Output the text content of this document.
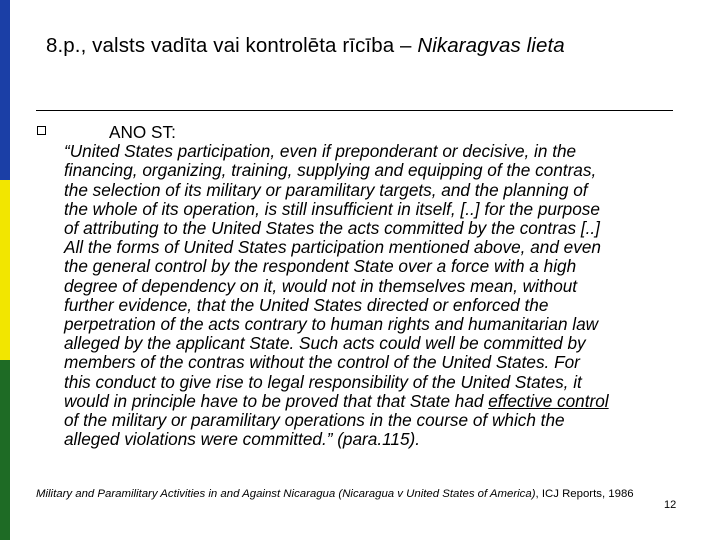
8.p., valsts vadīta vai kontrolēta rīcība – Nikaragvas lieta
ANO ST:
“United States participation, even if preponderant or decisive, in the
financing, organizing, training, supplying and equipping of the contras,
the selection of its military or paramilitary targets, and the planning of
the whole of its operation, is still insufficient in itself, [..] for the purpose
of attributing to the United States the acts committed by the contras [..]
All the forms of United States participation mentioned above, and even
the general control by the respondent State over a force with a high
degree of dependency on it, would not in themselves mean, without
further evidence, that the United States directed or enforced the
perpetration of the acts contrary to human rights and humanitarian law
alleged by the applicant State. Such acts could well be committed by
members of the contras without the control of the United States. For
this conduct to give rise to legal responsibility of the United States, it
would in principle have to be proved that that State had effective control
of the military or paramilitary operations in the course of which the
alleged violations were committed.” (para.115).
Military and Paramilitary Activities in and Against Nicaragua (Nicaragua v United States of America), ICJ Reports, 1986
12
